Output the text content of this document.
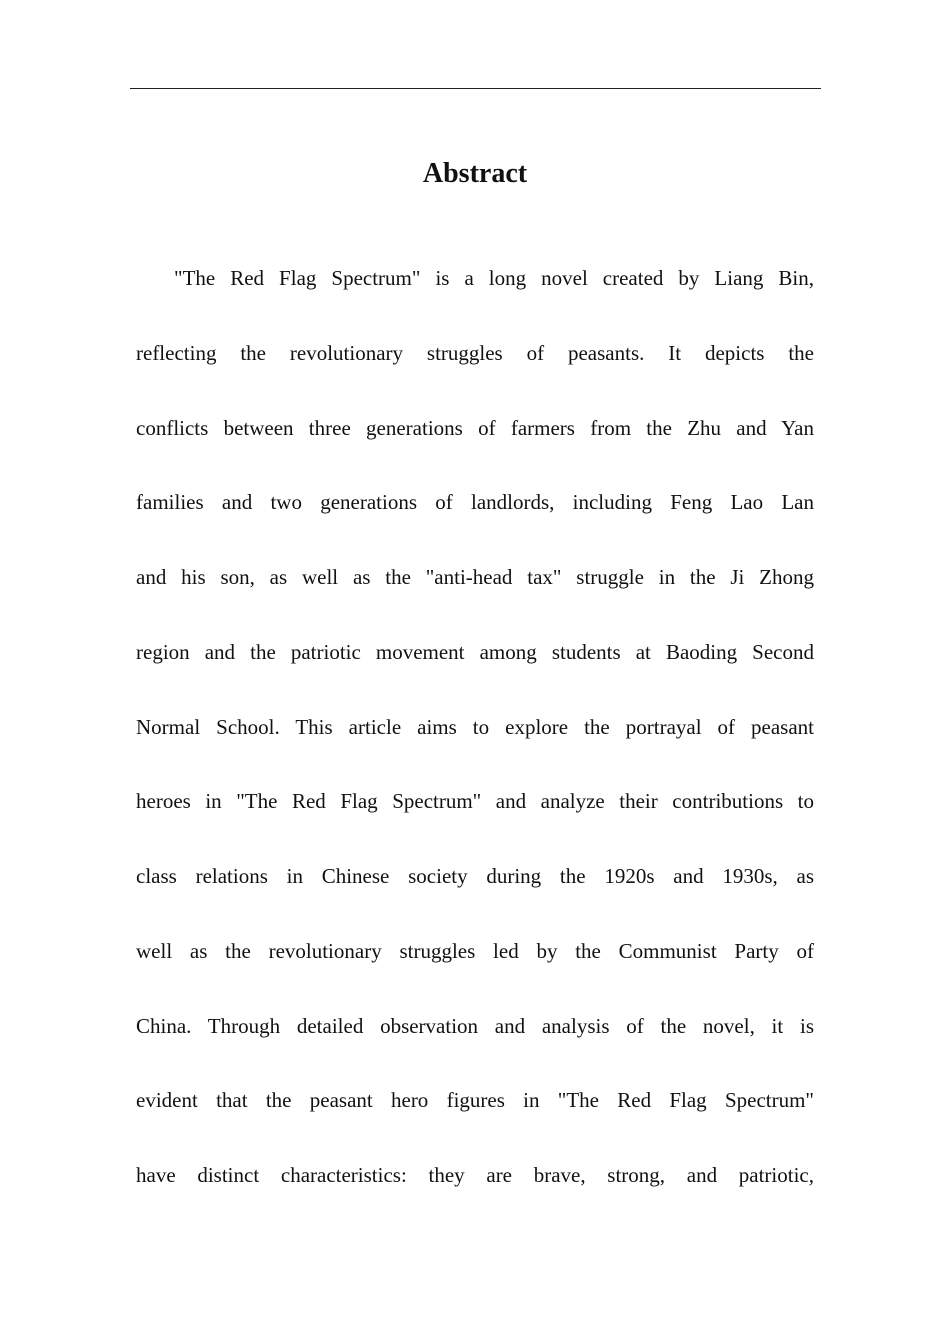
Abstract
"The Red Flag Spectrum" is a long novel created by Liang Bin,
reflecting the revolutionary struggles of peasants. It depicts the
conflicts between three generations of farmers from the Zhu and Yan
families and two generations of landlords, including Feng Lao Lan
and his son, as well as the "anti-head tax" struggle in the Ji Zhong
region and the patriotic movement among students at Baoding Second
Normal School. This article aims to explore the portrayal of peasant
heroes in "The Red Flag Spectrum" and analyze their contributions to
class relations in Chinese society during the 1920s and 1930s, as
well as the revolutionary struggles led by the Communist Party of
China. Through detailed observation and analysis of the novel, it is
evident that the peasant hero figures in "The Red Flag Spectrum"
have distinct characteristics: they are brave, strong, and patriotic,
